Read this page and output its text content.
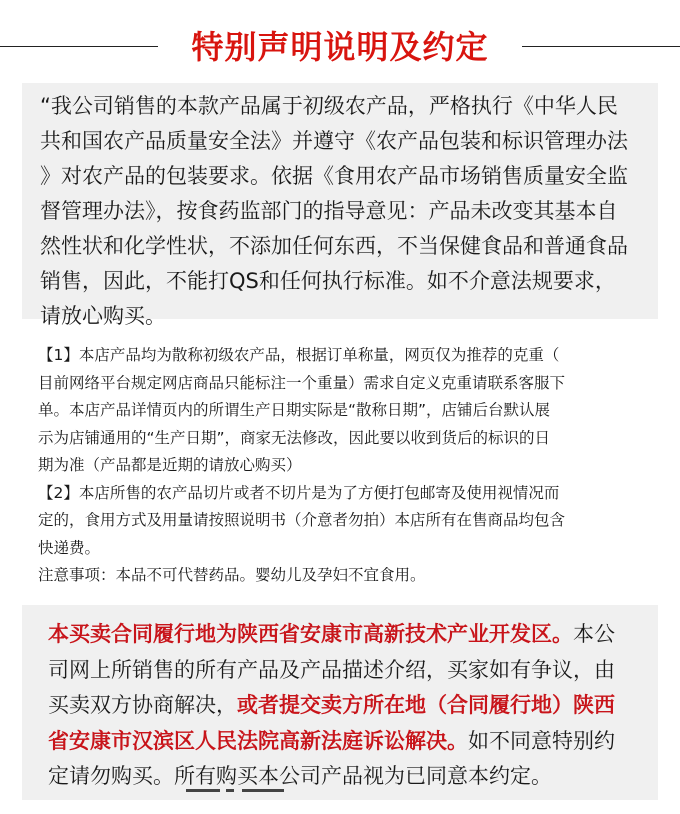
特别声明说明及约定
“我公司销售的本款产品属于初级农产品，严格执行《中华人民
共和国农产品质量安全法》并遵守《农产品包装和标识管理办法
》对农产品的包装要求。依据《食用农产品市场销售质量安全监
督管理办法》，按食药监部门的指导意见：产品未改变其基本自
然性状和化学性状，不添加任何东西，不当保健食品和普通食品
销售，因此，不能打QS和任何执行标准。如不介意法规要求，
请放心购买。
【1】本店产品均为散称初级农产品，根据订单称量，网页仅为推荐的克重（
目前网络平台规定网店商品只能标注一个重量）需求自定义克重请联系客服下
单。本店产品详情页内的所谓生产日期实际是“散称日期”，店铺后台默认展
示为店铺通用的“生产日期”，商家无法修改，因此要以收到货后的标识的日
期为准（产品都是近期的请放心购买）
【2】本店所售的农产品切片或者不切片是为了方便打包邮寄及使用视情况而
定的，食用方式及用量请按照说明书（介意者勿拍）本店所有在售商品均包含
快递费。
注意事项：本品不可代替药品。婴幼儿及孕妇不宜食用。
本买卖合同履行地为陕西省安康市高新技术产业开发区。本公
司网上所销售的所有产品及产品描述介绍，买家如有争议，由
买卖双方协商解决，或者提交卖方所在地（合同履行地）陕西
省安康市汉滨区人民法院高新法庭诉讼解决。如不同意特别约
定请勿购买。所有购买本公司产品视为已同意本约定。
